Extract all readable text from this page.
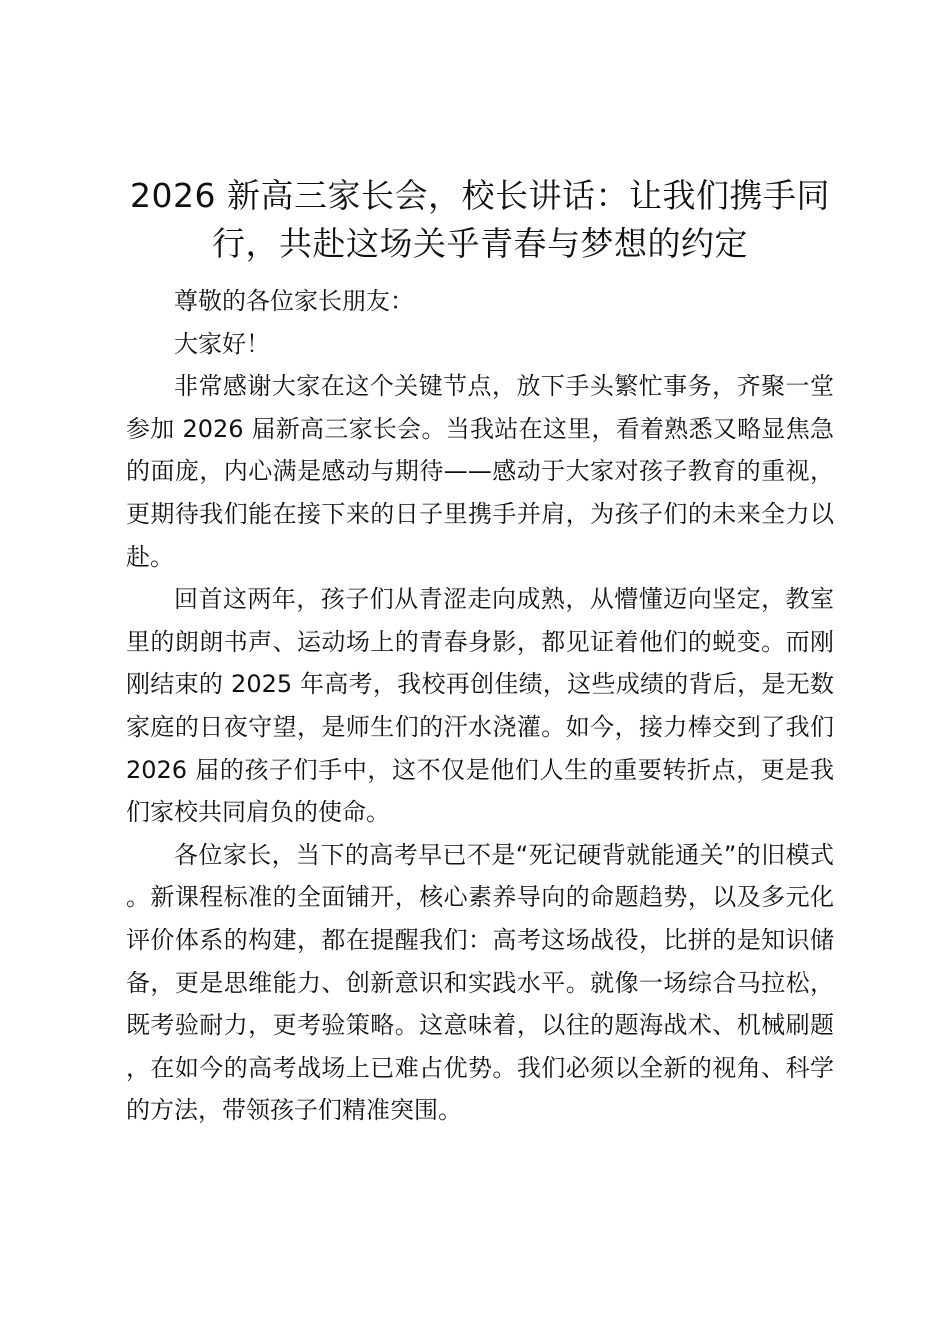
2026 新高三家长会，校长讲话：让我们携手同行，共赴这场关乎青春与梦想的约定

尊敬的各位家长朋友：

大家好！

非常感谢大家在这个关键节点，放下手头繁忙事务，齐聚一堂参加 2026 届新高三家长会。当我站在这里，看着熟悉又略显焦急的面庞，内心满是感动与期待——感动于大家对孩子教育的重视，更期待我们能在接下来的日子里携手并肩，为孩子们的未来全力以赴。

回首这两年，孩子们从青涩走向成熟，从懵懂迈向坚定，教室里的朗朗书声、运动场上的青春身影，都见证着他们的蜕变。而刚刚结束的 2025 年高考，我校再创佳绩，这些成绩的背后，是无数家庭的日夜守望，是师生们的汗水浇灌。如今，接力棒交到了我们 2026 届的孩子们手中，这不仅是他们人生的重要转折点，更是我们家校共同肩负的使命。

各位家长，当下的高考早已不是“死记硬背就能通关”的旧模式。新课程标准的全面铺开，核心素养导向的命题趋势，以及多元化评价体系的构建，都在提醒我们：高考这场战役，比拼的是知识储备，更是思维能力、创新意识和实践水平。就像一场综合马拉松，既考验耐力，更考验策略。这意味着，以往的题海战术、机械刷题，在如今的高考战场上已难占优势。我们必须以全新的视角、科学的方法，带领孩子们精准突围。
